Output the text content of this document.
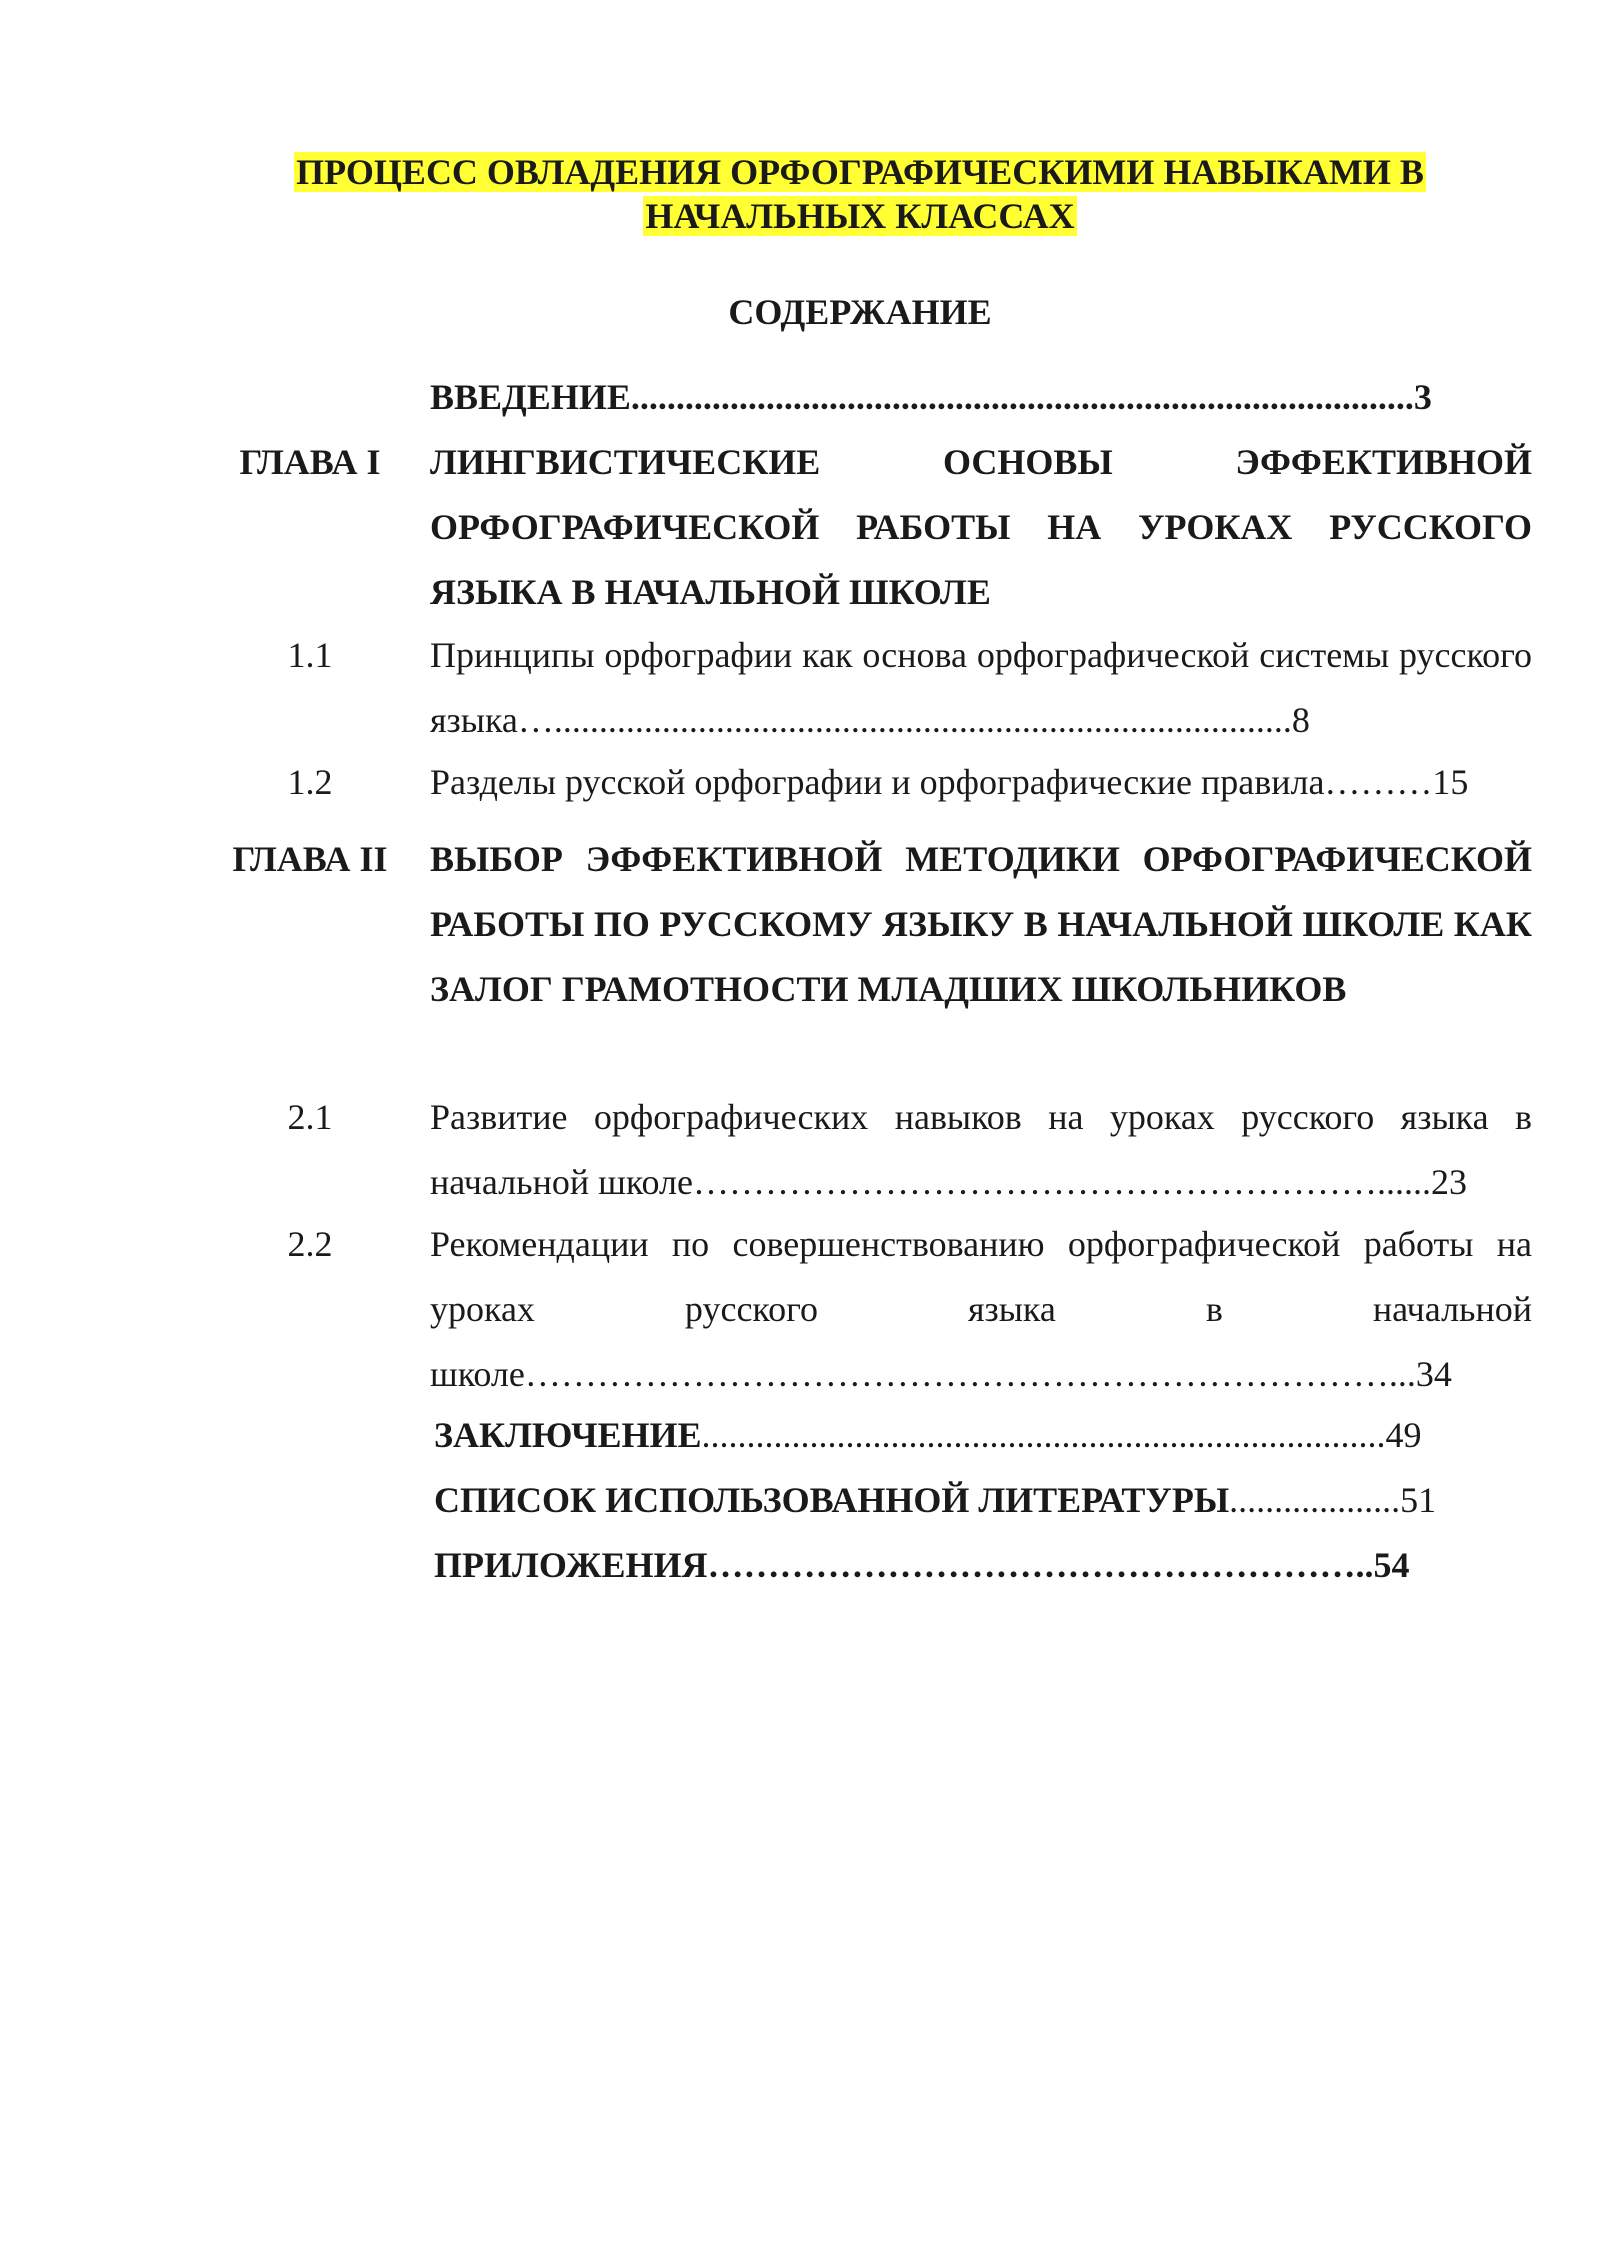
ПРОЦЕСС ОВЛАДЕНИЯ ОРФОГРАФИЧЕСКИМИ НАВЫКАМИ В
НАЧАЛЬНЫХ КЛАССАХ
СОДЕРЖАНИЕ
ВВЕДЕНИЕ.......................................................................................3
ГЛАВА I	ЛИНГВИСТИЧЕСКИЕ ОСНОВЫ ЭФФЕКТИВНОЙ ОРФОГРАФИЧЕСКОЙ РАБОТЫ НА УРОКАХ РУССКОГО ЯЗЫКА В НАЧАЛЬНОЙ ШКОЛЕ
1.1	Принципы орфографии как основа орфографической системы русского языка…..................................................................................8
1.2	Разделы русской орфографии и орфографические правила………15
ГЛАВА II	ВЫБОР ЭФФЕКТИВНОЙ МЕТОДИКИ ОРФОГРАФИЧЕСКОЙ РАБОТЫ ПО РУССКОМУ ЯЗЫКУ В НАЧАЛЬНОЙ ШКОЛЕ КАК ЗАЛОГ ГРАМОТНОСТИ МЛАДШИХ ШКОЛЬНИКОВ
2.1	Развитие орфографических навыков на уроках русского языка в начальной школе…………………………………………………......23
2.2	Рекомендации по совершенствованию орфографической работы на уроках русского языка в начальной школе………………………………………………………………...34
ЗАКЛЮЧЕНИЕ............................................................................49
СПИСОК ИСПОЛЬЗОВАННОЙ ЛИТЕРАТУРЫ...................51
ПРИЛОЖЕНИЯ………………………………………………..54
